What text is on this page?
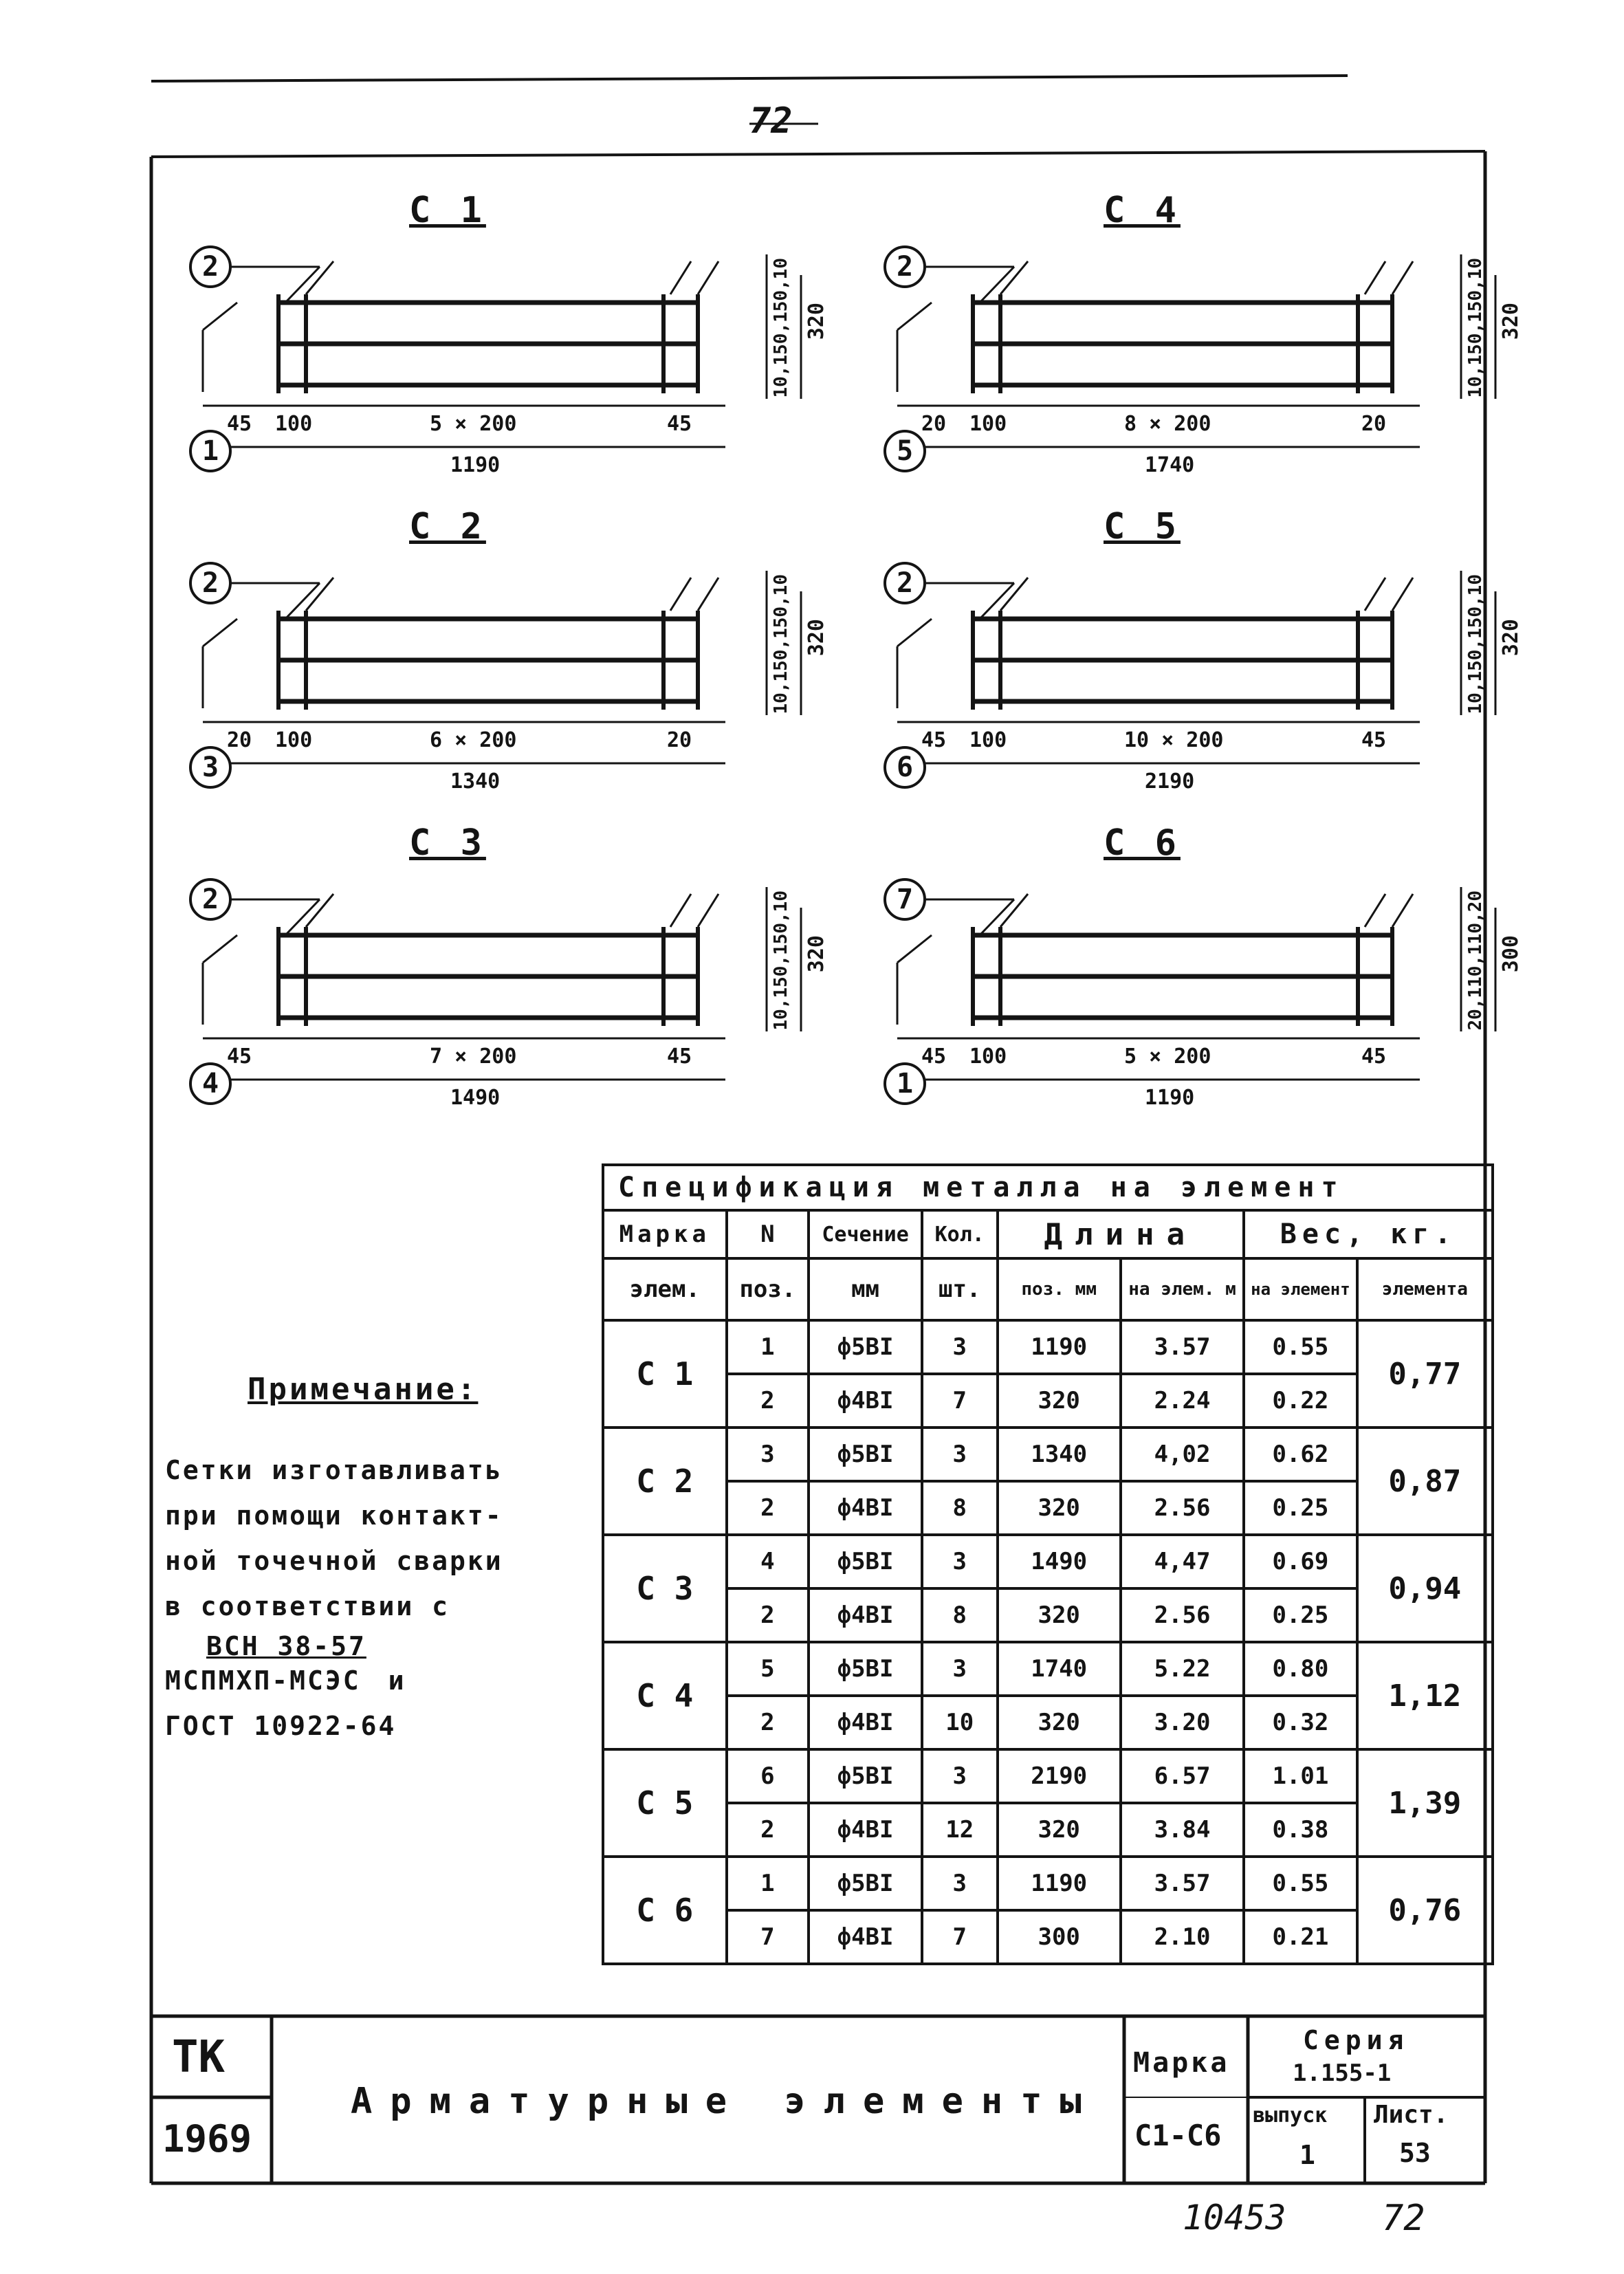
72
С 1
2
1
45 100	5 × 200	45
1190
10,150,150,10 320
С 4
2
5
20 100	8 × 200	20
1740
10,150,150,10 320
С 2
2
3
20 100	6 × 200	20
1340
10,150,150,10 320
С 5
2
6
45 100	10 × 200	45
2190
10,150,150,10 320
С 3
2
4
45	7 × 200	45
1490
10,150,150,10 320
С 6
7
1
45 100	5 × 200	45
1190
20,110,110,20 300
Примечание:
Сетки изготавливать
при помощи контакт-
ной точечной сварки
в соответствии с
ВСН 38-57
МСПМХП-МСЭС и
ГОСТ 10922-64
Спецификация металла на элемент							
Марка	N	Сечение	Кол.	Длина		Вес, кг.	
элем.	поз.	мм	шт.	поз. мм	на элем. м	на элемент	элемента
С 1	1	ф5ВI	3	1190	3.57	0.55	0,77
	2	ф4ВI	7	320	2.24	0.22	
С 2	3	ф5ВI	3	1340	4,02	0.62	0,87
	2	ф4ВI	8	320	2.56	0.25	
С 3	4	ф5ВI	3	1490	4,47	0.69	0,94
	2	ф4ВI	8	320	2.56	0.25	
С 4	5	ф5ВI	3	1740	5.22	0.80	1,12
	2	ф4ВI	10	320	3.20	0.32	
С 5	6	ф5ВI	3	2190	6.57	1.01	1,39
	2	ф4ВI	12	320	3.84	0.38	
С 6	1	ф5ВI	3	1190	3.57	0.55	0,76
	7	ф4ВI	7	300	2.10	0.21	
ТК
1969
Арматурные элементы
Марка
С1-С6
Серия
1.155-1
выпуск
1
Лист.
53
10453	72
